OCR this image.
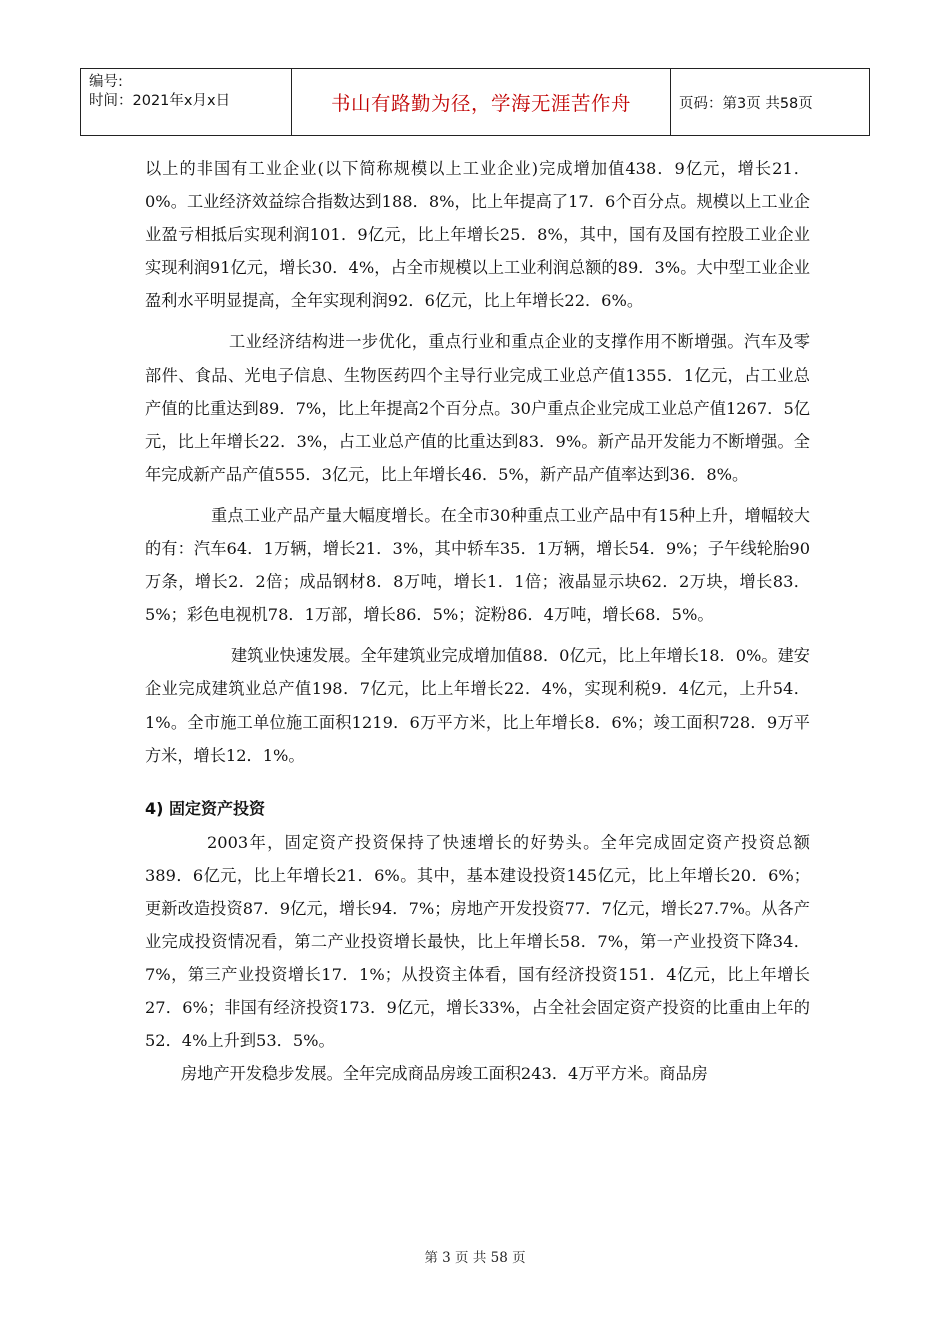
编号:
时间：2021年x月x日	书山有路勤为径，学海无涯苦作舟	页码：第3页 共58页

以上的非国有工业企业(以下简称规模以上工业企业)完成增加值438．9亿元，增长21．0%。工业经济效益综合指数达到188．8%，比上年提高了17．6个百分点。规模以上工业企业盈亏相抵后实现利润101．9亿元，比上年增长25．8%，其中，国有及国有控股工业企业实现利润91亿元，增长30．4%，占全市规模以上工业利润总额的89．3%。大中型工业企业盈利水平明显提高，全年实现利润92．6亿元，比上年增长22．6%。

工业经济结构进一步优化，重点行业和重点企业的支撑作用不断增强。汽车及零部件、食品、光电子信息、生物医药四个主导行业完成工业总产值1355．1亿元，占工业总产值的比重达到89．7%，比上年提高2个百分点。30户重点企业完成工业总产值1267．5亿元，比上年增长22．3%，占工业总产值的比重达到83．9%。新产品开发能力不断增强。全年完成新产品产值555．3亿元，比上年增长46．5%，新产品产值率达到36．8%。

重点工业产品产量大幅度增长。在全市30种重点工业产品中有15种上升，增幅较大的有：汽车64．1万辆，增长21．3%，其中轿车35．1万辆，增长54．9%；子午线轮胎90万条，增长2．2倍；成品钢材8．8万吨，增长1．1倍；液晶显示块62．2万块，增长83．5%；彩色电视机78．1万部，增长86．5%；淀粉86．4万吨，增长68．5%。

建筑业快速发展。全年建筑业完成增加值88．0亿元，比上年增长18．0%。建安企业完成建筑业总产值198．7亿元，比上年增长22．4%，实现利税9．4亿元，上升54．1%。全市施工单位施工面积1219．6万平方米，比上年增长8．6%；竣工面积728．9万平方米，增长12．1%。

4) 固定资产投资

2003年，固定资产投资保持了快速增长的好势头。全年完成固定资产投资总额389．6亿元，比上年增长21．6%。其中，基本建设投资145亿元，比上年增长20．6%；更新改造投资87．9亿元，增长94．7%；房地产开发投资77．7亿元，增长27.7%。从各产业完成投资情况看，第二产业投资增长最快，比上年增长58．7%，第一产业投资下降34．7%，第三产业投资增长17．1%；从投资主体看，国有经济投资151．4亿元，比上年增长27．6%；非国有经济投资173．9亿元，增长33%，占全社会固定资产投资的比重由上年的52．4%上升到53．5%。

房地产开发稳步发展。全年完成商品房竣工面积243．4万平方米。商品房

第 3 页 共 58 页
